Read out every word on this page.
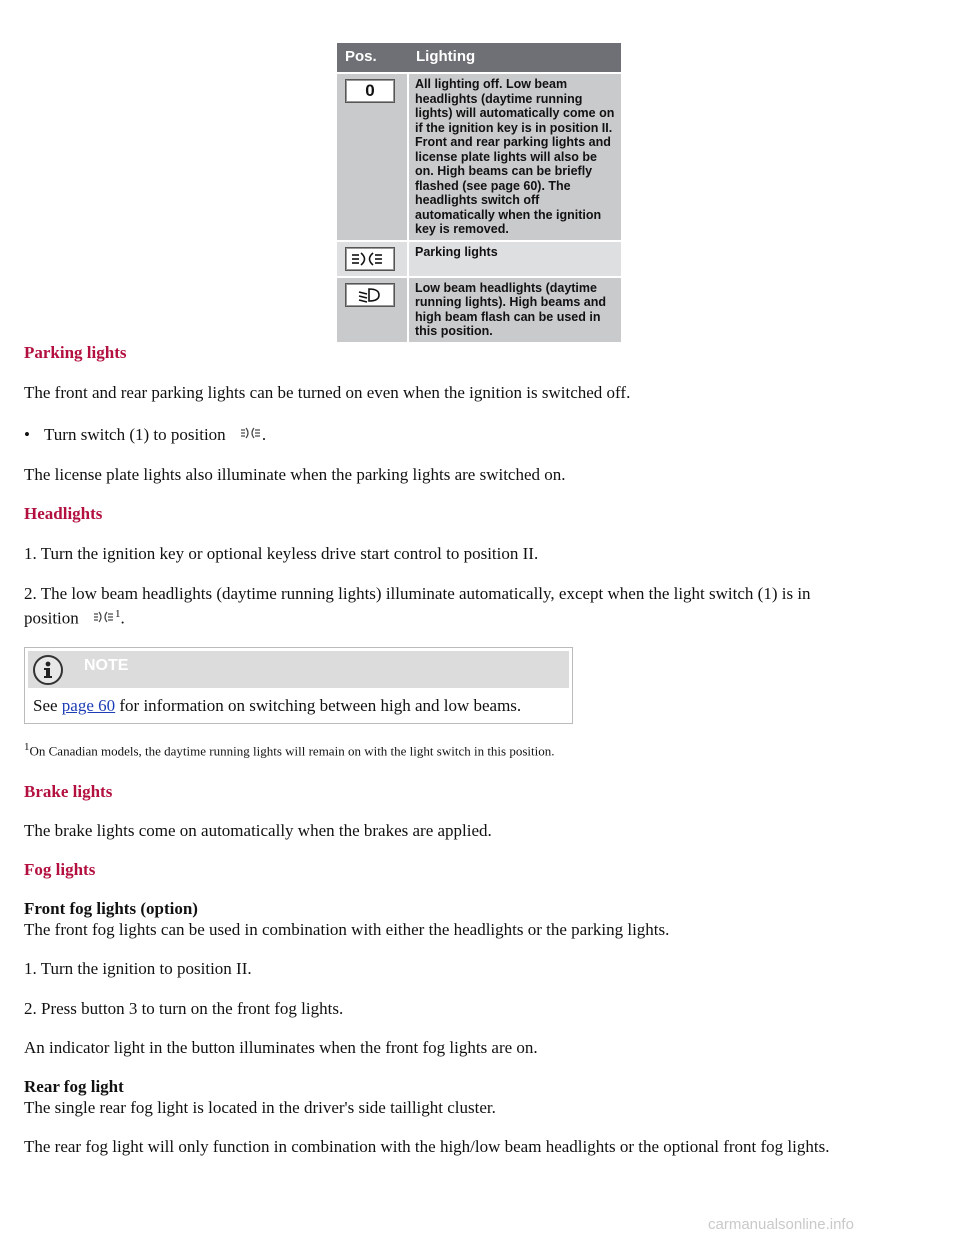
Pos.	Lighting

0	All lighting off. Low beam headlights (daytime running lights) will automatically come on if the ignition key is in position II. Front and rear parking lights and license plate lights will also be on. High beams can be briefly flashed (see page 60). The headlights switch off automatically when the ignition key is removed.

	Parking lights

	Low beam headlights (daytime running lights). High beams and high beam flash can be used in this position.
Parking lights

The front and rear parking lights can be turned on even when the ignition is switched off.

• Turn switch (1) to position .

The license plate lights also illuminate when the parking lights are switched on.

Headlights

1. Turn the ignition key or optional keyless drive start control to position II.

2. The low beam headlights (daytime running lights) illuminate automatically, except when the light switch (1) is in

position	$^1$.

NOTE
See page 60 for information on switching between high and low beams.
$^1$On Canadian models, the daytime running lights will remain on with the light switch in this position.
Brake lights

The brake lights come on automatically when the brakes are applied.

Fog lights

Front fog lights (option)

The front fog lights can be used in combination with either the headlights or the parking lights.

1. Turn the ignition to position II.

2. Press button 3 to turn on the front fog lights.

An indicator light in the button illuminates when the front fog lights are on.

Rear fog light

The single rear fog light is located in the driver's side taillight cluster.

The rear fog light will only function in combination with the high/low beam headlights or the optional front fog lights.

carmanualsonline.info
